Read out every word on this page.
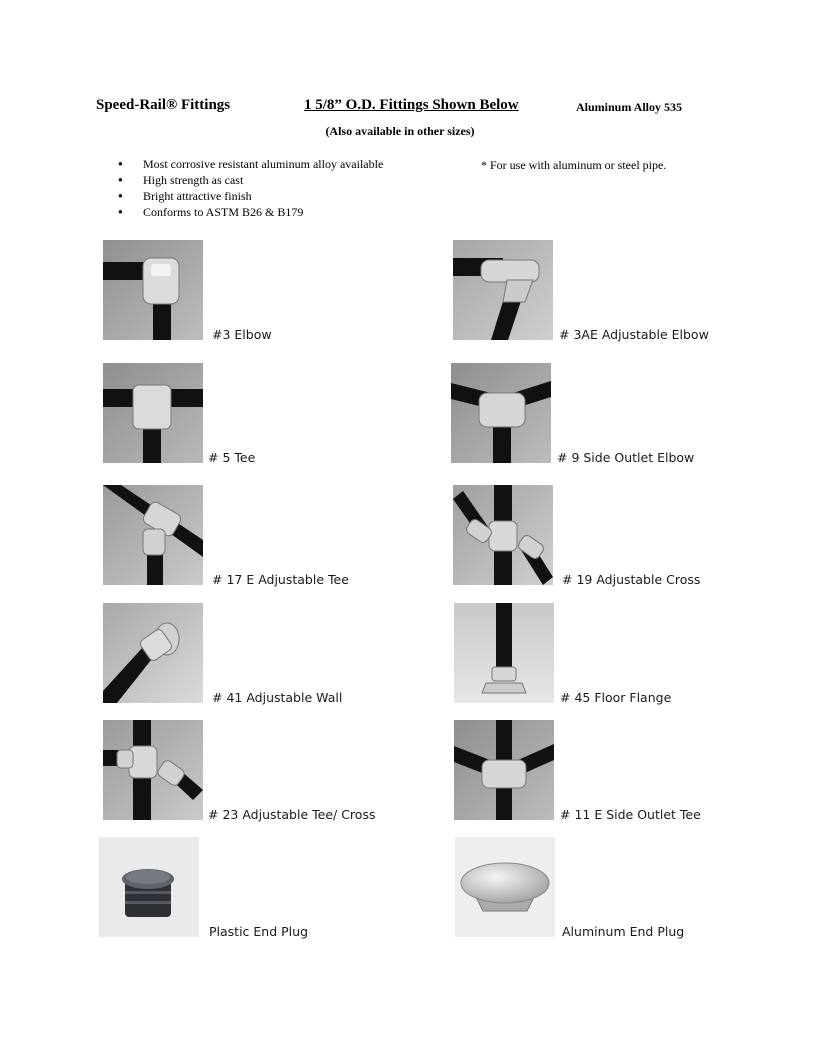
Speed-Rail® Fittings	1 5/8” O.D. Fittings Shown Below	Aluminum Alloy 535
(Also available in other sizes)
● Most corrosive resistant aluminum alloy available
● High strength as cast
● Bright attractive finish
● Conforms to ASTM B26 & B179
* For use with aluminum or steel pipe.
#3 Elbow	# 3AE Adjustable Elbow
# 5 Tee	# 9 Side Outlet Elbow
# 17 E Adjustable Tee	# 19 Adjustable Cross
# 41 Adjustable Wall	# 45 Floor Flange
# 23 Adjustable Tee/ Cross	# 11 E Side Outlet Tee
Plastic End Plug	Aluminum End Plug
